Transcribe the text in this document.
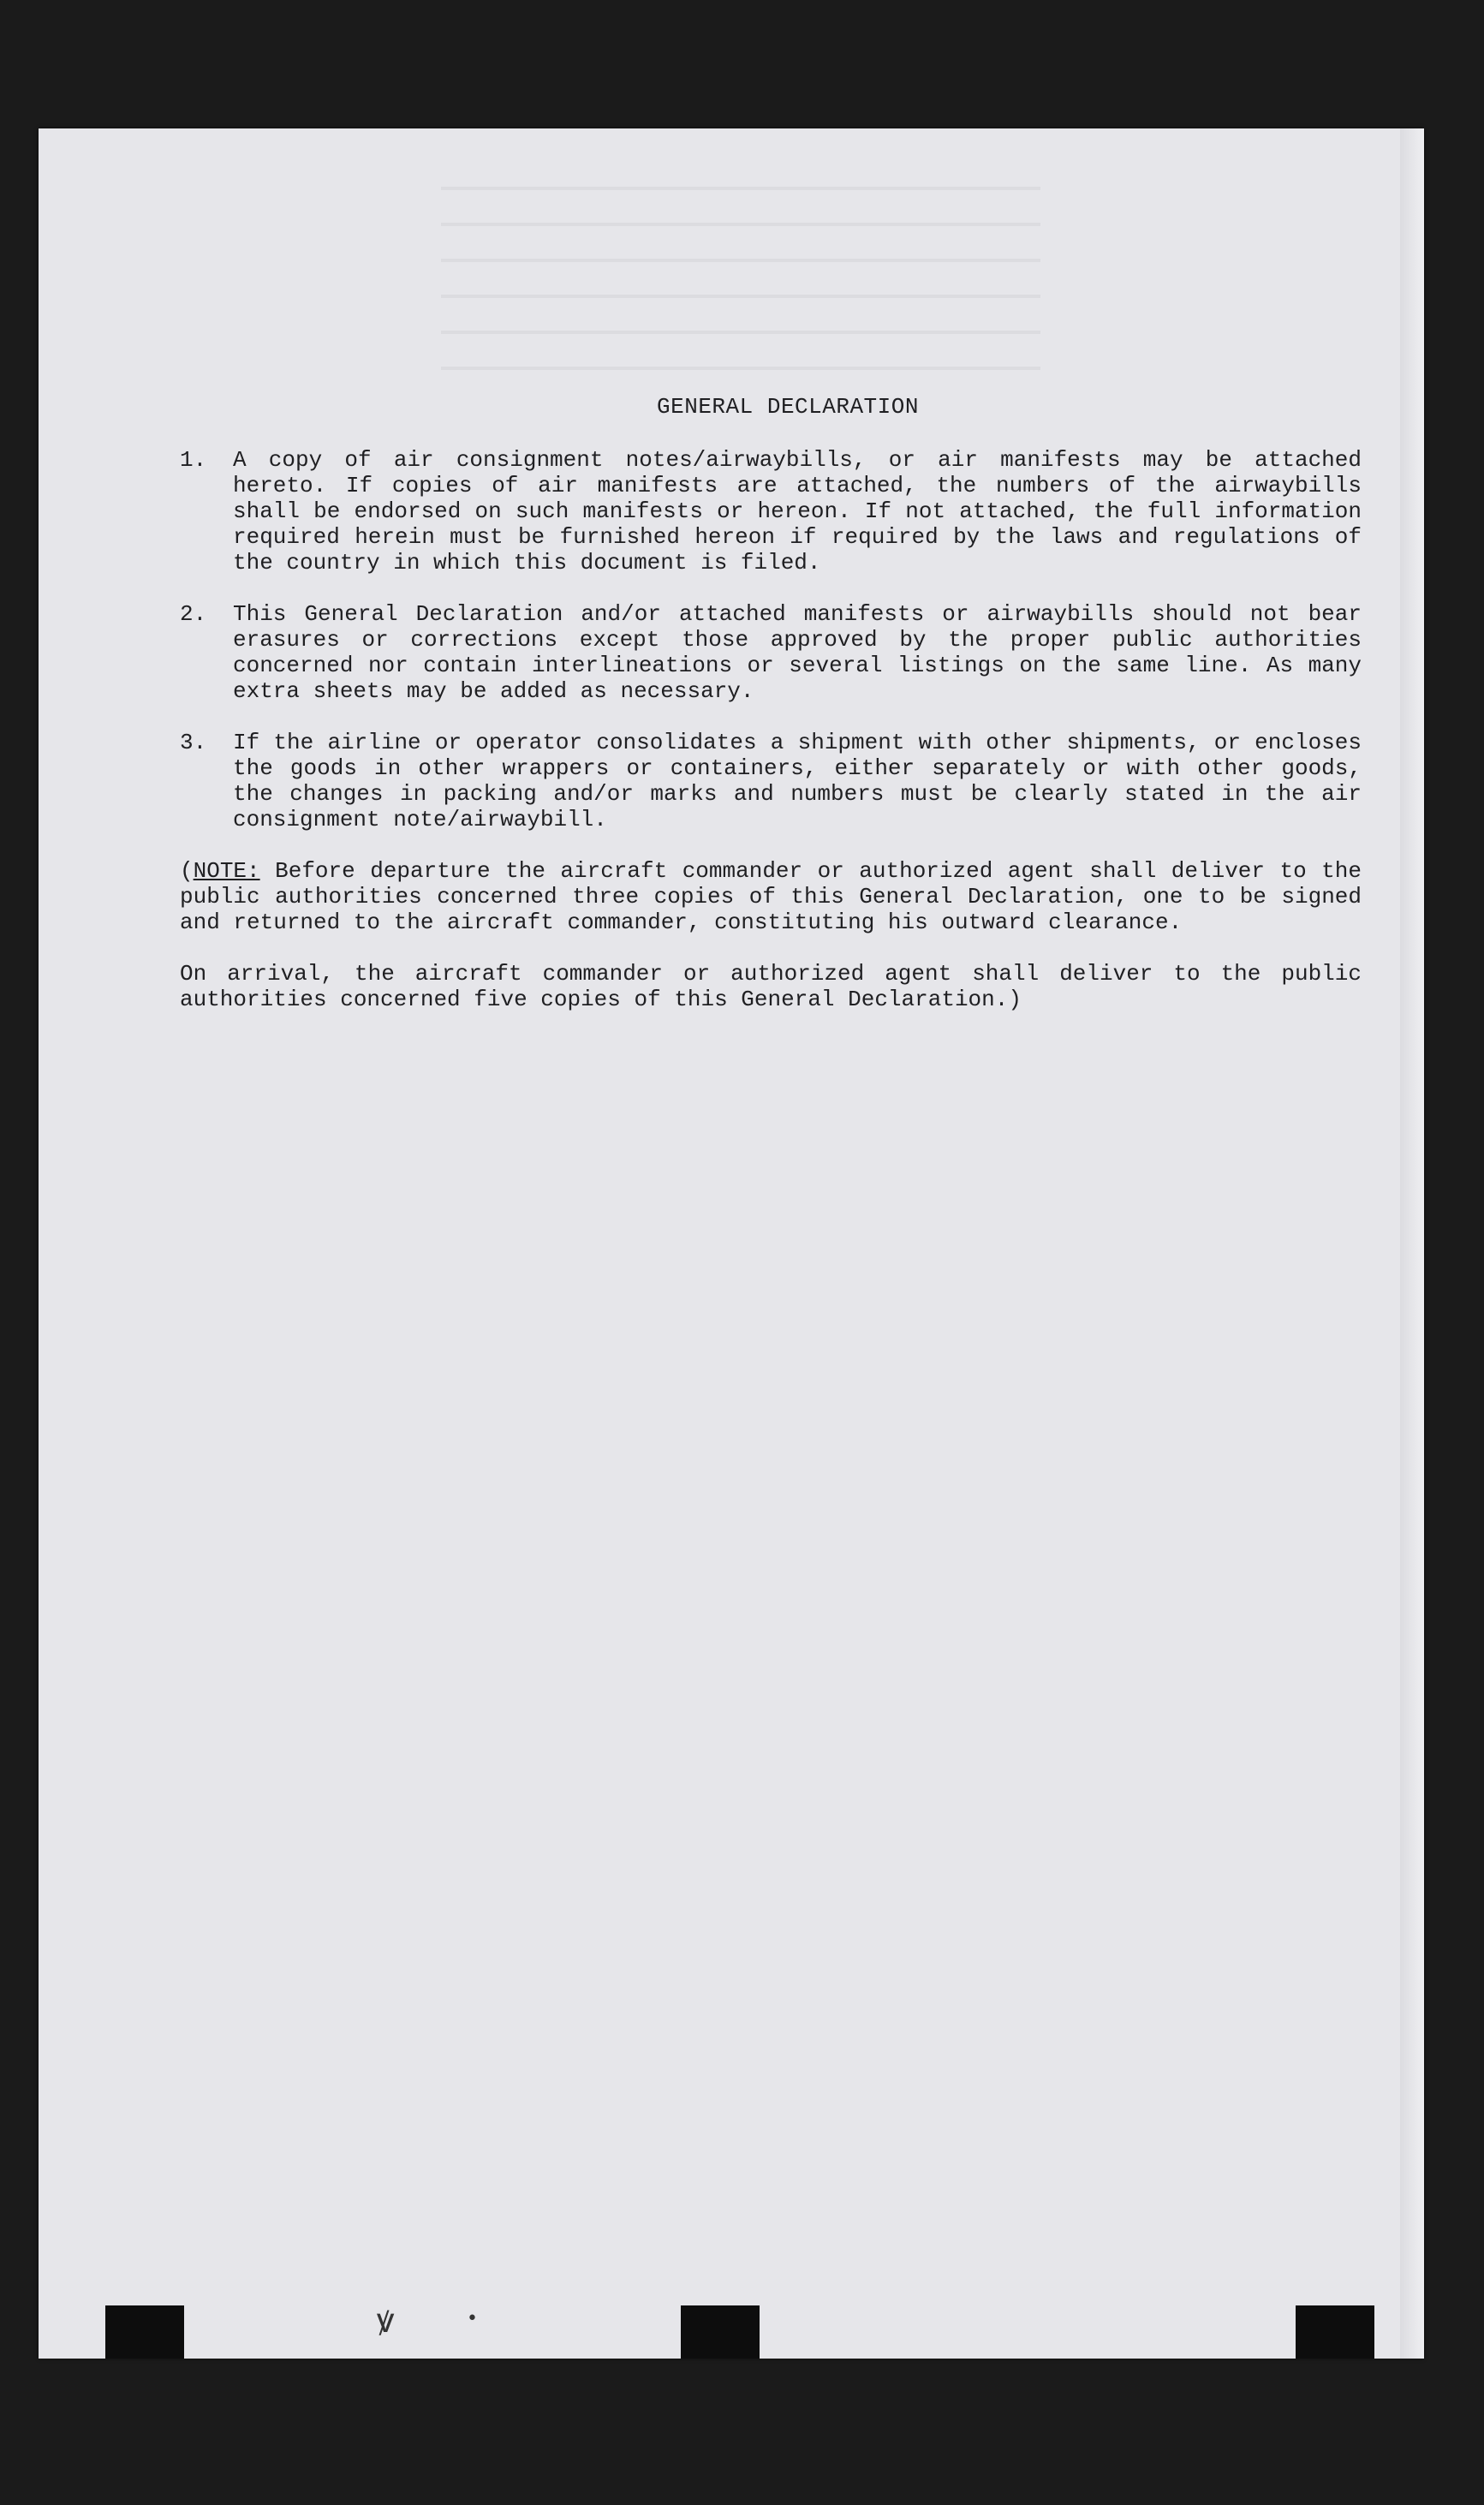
GENERAL DECLARATION
1.	A copy of air consignment notes/airwaybills, or air manifests may be attached hereto. If copies of air manifests are attached, the numbers of the airwaybills shall be endorsed on such manifests or hereon. If not attached, the full information required herein must be furnished hereon if required by the laws and regulations of the country in which this document is filed.
2.	This General Declaration and/or attached manifests or airwaybills should not bear erasures or corrections except those approved by the proper public authorities concerned nor contain interlineations or several listings on the same line. As many extra sheets may be added as necessary.
3.	If the airline or operator consolidates a shipment with other shipments, or encloses the goods in other wrappers or containers, either separately or with other goods, the changes in packing and/or marks and numbers must be clearly stated in the air consignment note/airwaybill.
(NOTE: Before departure the aircraft commander or authorized agent shall deliver to the public authorities concerned three copies of this General Declaration, one to be signed and returned to the aircraft commander, constituting his outward clearance.
On arrival, the aircraft commander or authorized agent shall deliver to the public authorities concerned five copies of this General Declaration.)
ꝟ	•
